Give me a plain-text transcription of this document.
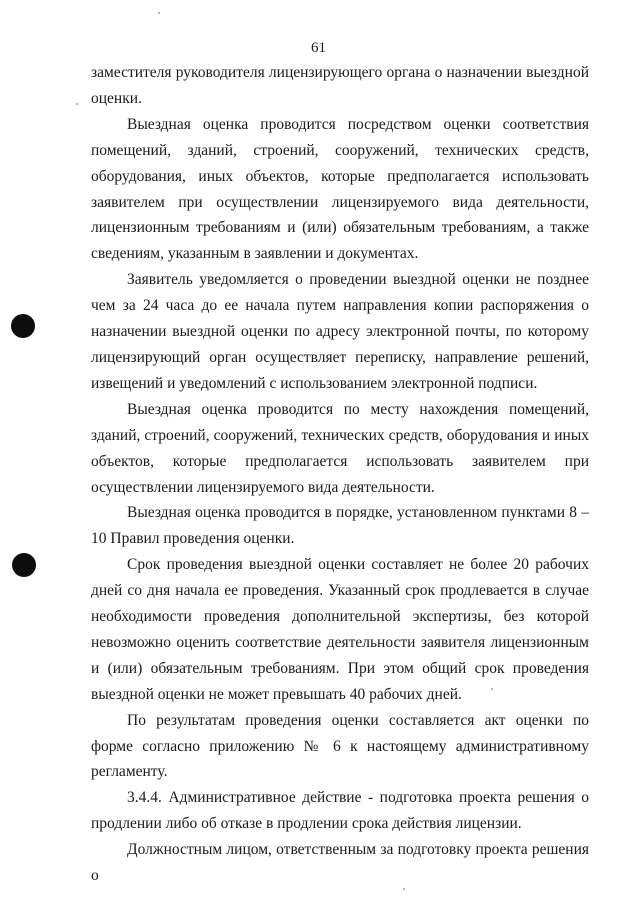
61

заместителя руководителя лицензирующего органа о назначении выездной оценки.

Выездная оценка проводится посредством оценки соответствия помещений, зданий, строений, сооружений, технических средств, оборудования, иных объектов, которые предполагается использовать заявителем при осуществлении лицензируемого вида деятельности, лицензионным требованиям и (или) обязательным требованиям, а также сведениям, указанным в заявлении и документах.

Заявитель уведомляется о проведении выездной оценки не позднее чем за 24 часа до ее начала путем направления копии распоряжения о назначении выездной оценки по адресу электронной почты, по которому лицензирующий орган осуществляет переписку, направление решений, извещений и уведомлений с использованием электронной подписи.

Выездная оценка проводится по месту нахождения помещений, зданий, строений, сооружений, технических средств, оборудования и иных объектов, которые предполагается использовать заявителем при осуществлении лицензируемого вида деятельности.

Выездная оценка проводится в порядке, установленном пунктами 8 – 10 Правил проведения оценки.

Срок проведения выездной оценки составляет не более 20 рабочих дней со дня начала ее проведения. Указанный срок продлевается в случае необходимости проведения дополнительной экспертизы, без которой невозможно оценить соответствие деятельности заявителя лицензионным и (или) обязательным требованиям. При этом общий срок проведения выездной оценки не может превышать 40 рабочих дней.

По результатам проведения оценки составляется акт оценки по форме согласно приложению № 6 к настоящему административному регламенту.

3.4.4. Административное действие - подготовка проекта решения о продлении либо об отказе в продлении срока действия лицензии.

Должностным лицом, ответственным за подготовку проекта решения о
